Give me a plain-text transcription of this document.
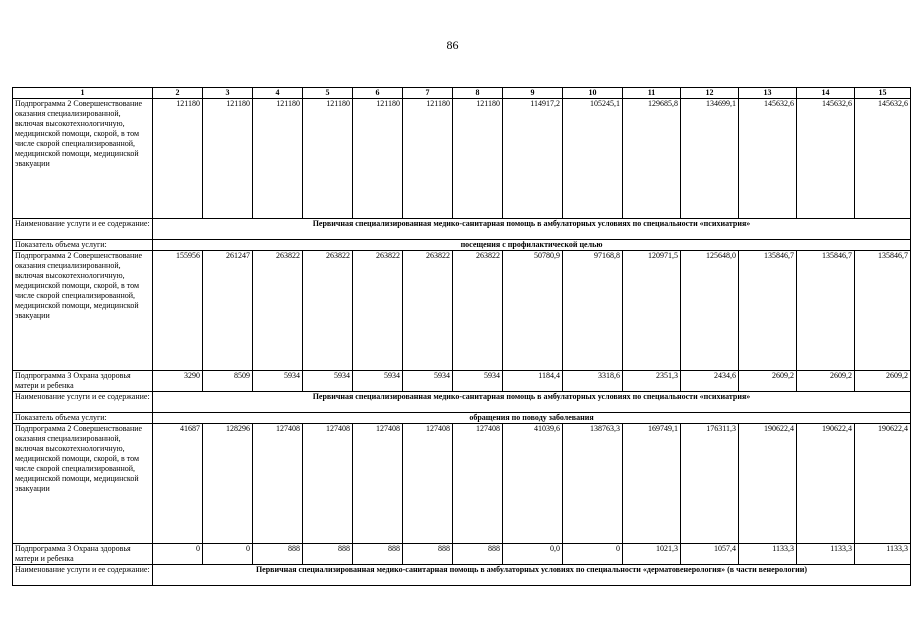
86
1	2	3	4	5	6	7	8	9	10	11	12	13	14	15
Подпрограмма 2 Совершенствование оказания специализированной, включая высокотехнологичную, медицинской помощи, скорой, в том числе скорой специализированной, медицинской помощи, медицинской эвакуации	121180	121180	121180	121180	121180	121180	121180	114917,2	105245,1	129685,8	134699,1	145632,6	145632,6	145632,6
Наименование услуги и ее содержание:	Первичная специализированная медико-санитарная помощь в амбулаторных условиях по специальности «психиатрия»													
Показатель объема услуги:	посещения с профилактической целью													
Подпрограмма 2 Совершенствование оказания специализированной, включая высокотехнологичную, медицинской помощи, скорой, в том числе скорой специализированной, медицинской помощи, медицинской эвакуации	155956	261247	263822	263822	263822	263822	263822	50780,9	97168,8	120971,5	125648,0	135846,7	135846,7	135846,7
Подпрограмма 3 Охрана здоровья матери и ребенка	3290	8509	5934	5934	5934	5934	5934	1184,4	3318,6	2351,3	2434,6	2609,2	2609,2	2609,2
Наименование услуги и ее содержание:	Первичная специализированная медико-санитарная помощь в амбулаторных условиях по специальности «психиатрия»													
Показатель объема услуги:	обращения по поводу заболевания													
Подпрограмма 2 Совершенствование оказания специализированной, включая высокотехнологичную, медицинской помощи, скорой, в том числе скорой специализированной, медицинской помощи, медицинской эвакуации	41687	128296	127408	127408	127408	127408	127408	41039,6	138763,3	169749,1	176311,3	190622,4	190622,4	190622,4
Подпрограмма 3 Охрана здоровья матери и ребенка	0	0	888	888	888	888	888	0,0	0	1021,3	1057,4	1133,3	1133,3	1133,3
Наименование услуги и ее содержание:	Первичная специализированная медико-санитарная помощь в амбулаторных условиях по специальности «дерматовенерология» (в части венерологии)													
